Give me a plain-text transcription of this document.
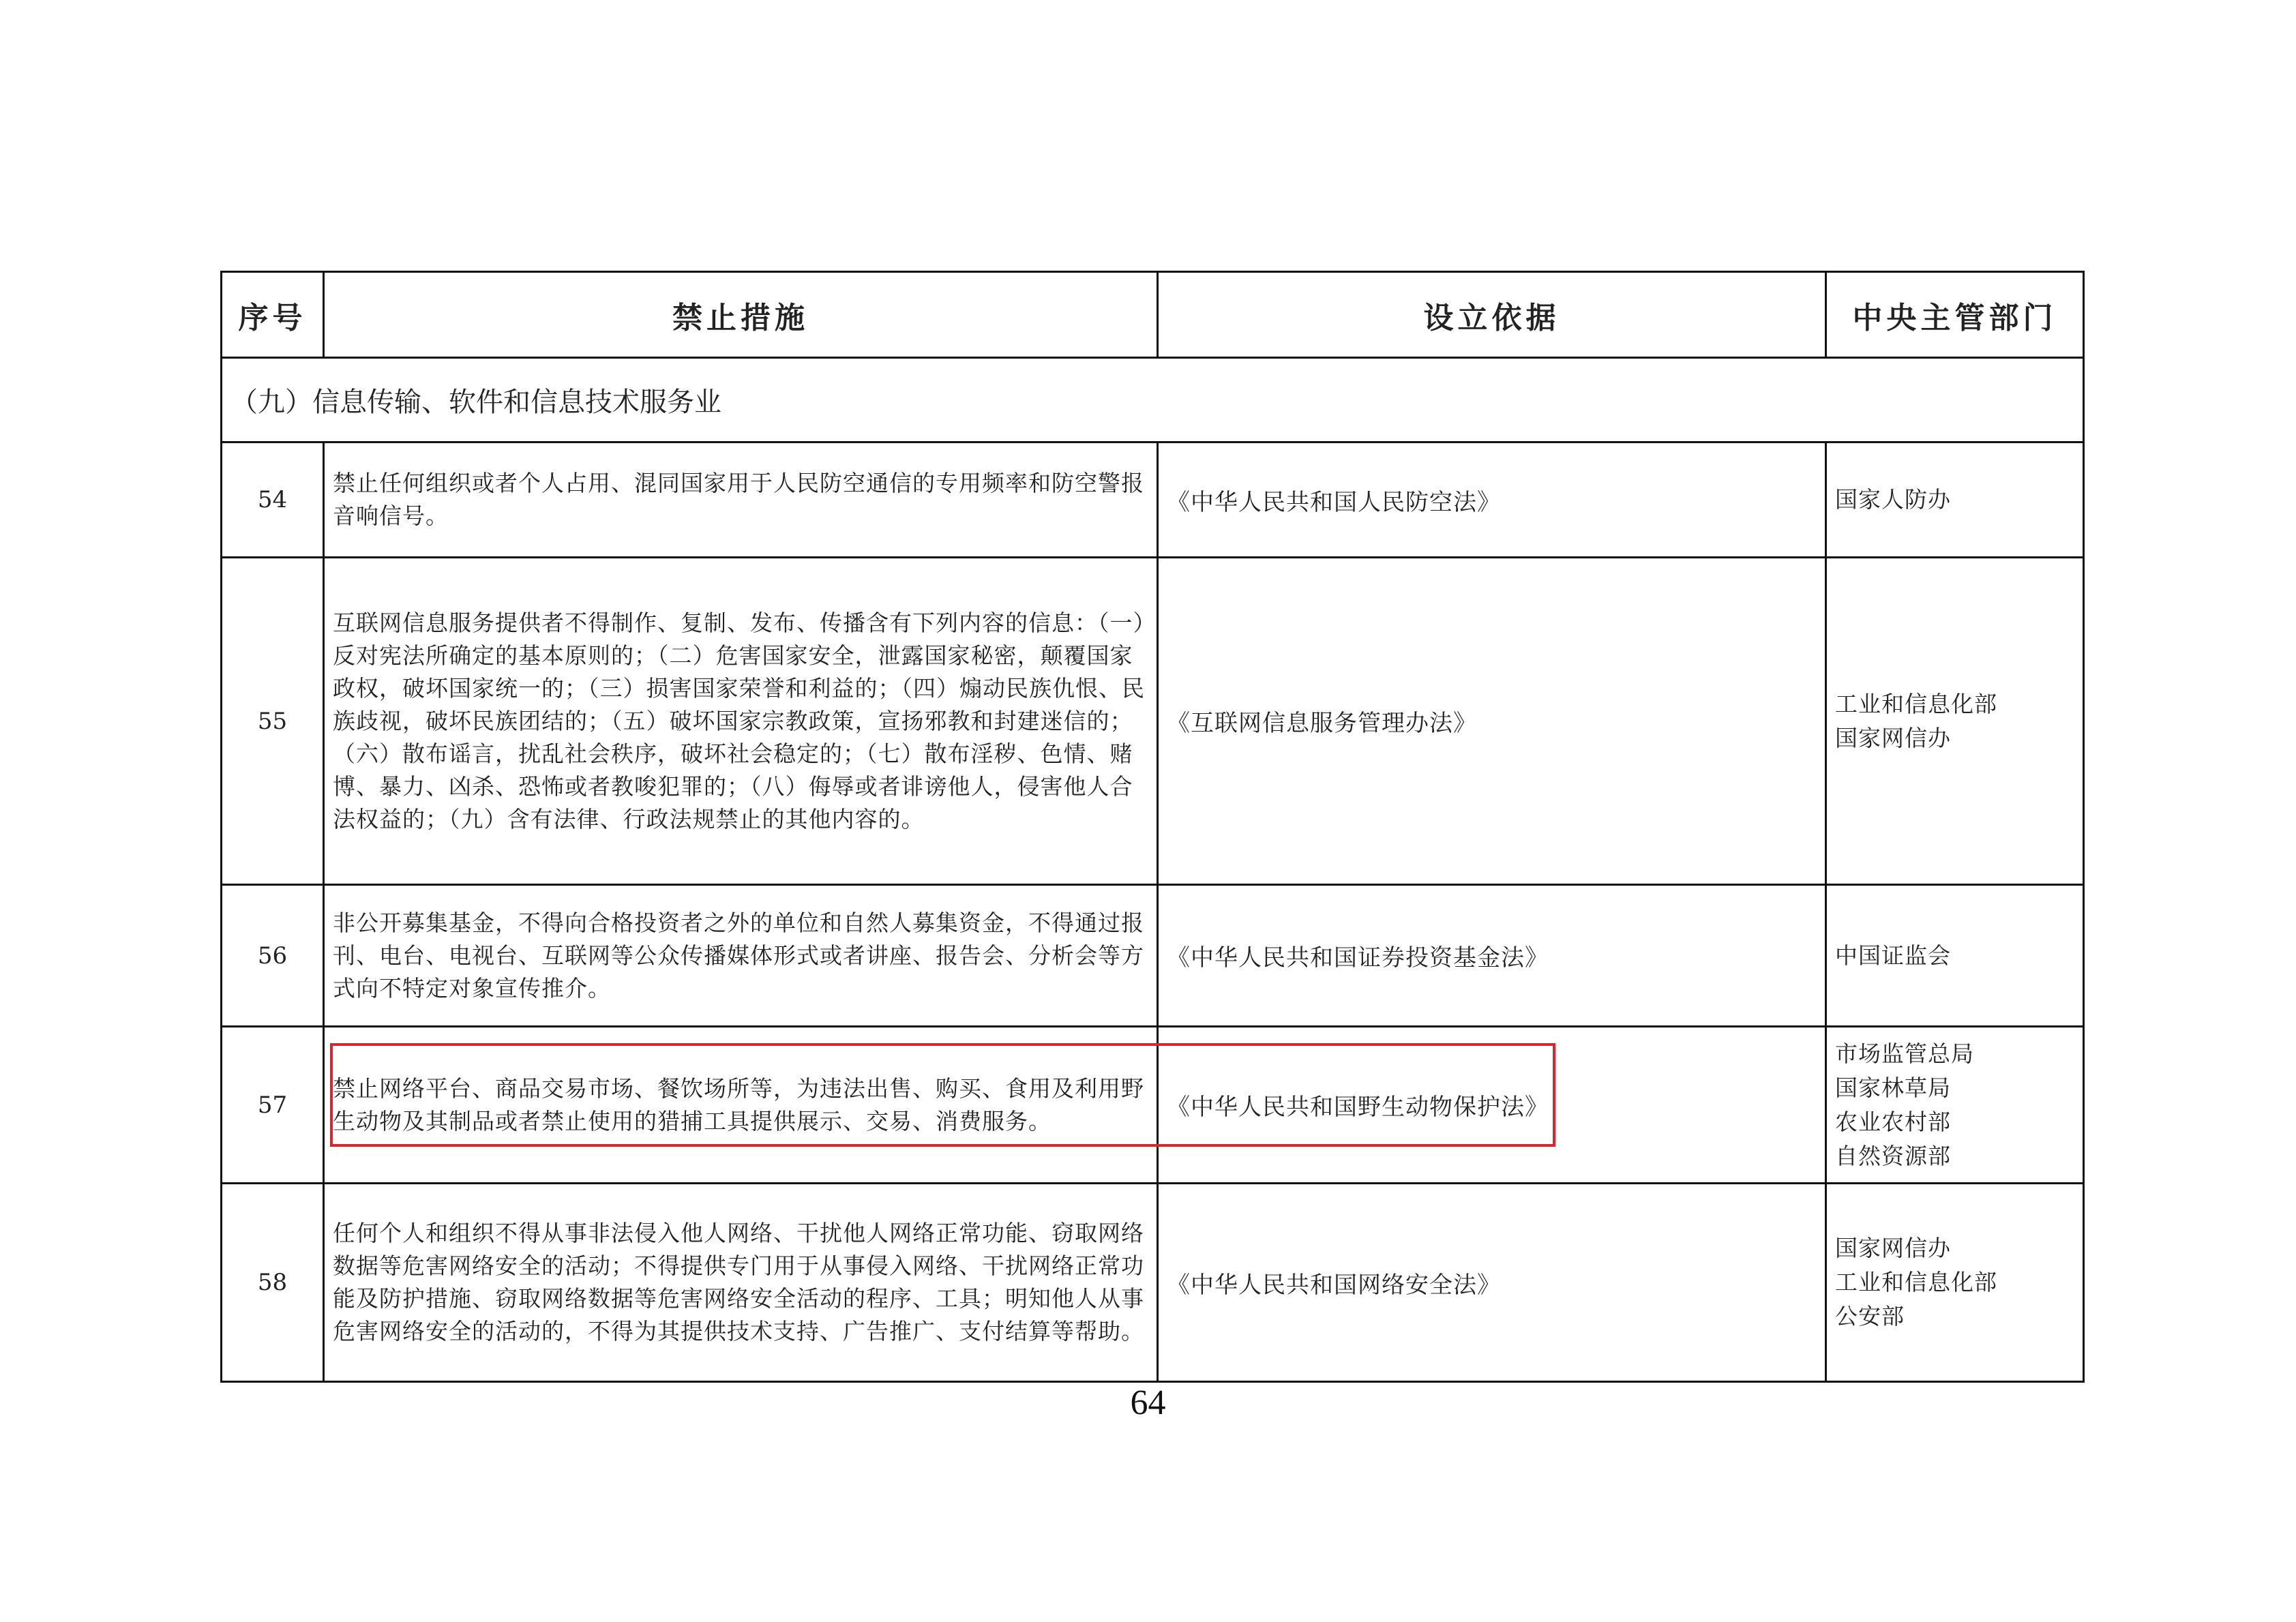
序号	禁止措施	设立依据	中央主管部门
（九）信息传输、软件和信息技术服务业			
54	禁止任何组织或者个人占用、混同国家用于人民防空通信的专用频率和防空警报音响信号。	《中华人民共和国人民防空法》	国家人防办

55	互联网信息服务提供者不得制作、复制、发布、传播含有下列内容的信息：（一）反对宪法所确定的基本原则的；（二）危害国家安全，泄露国家秘密，颠覆国家政权，破坏国家统一的；（三）损害国家荣誉和利益的；（四）煽动民族仇恨、民族歧视，破坏民族团结的；（五）破坏国家宗教政策，宣扬邪教和封建迷信的；（六）散布谣言，扰乱社会秩序，破坏社会稳定的；（七）散布淫秽、色情、赌博、暴力、凶杀、恐怖或者教唆犯罪的；（八）侮辱或者诽谤他人，侵害他人合法权益的；（九）含有法律、行政法规禁止的其他内容的。	《互联网信息服务管理办法》	工业和信息化部
国家网信办

56	非公开募集基金，不得向合格投资者之外的单位和自然人募集资金，不得通过报刊、电台、电视台、互联网等公众传播媒体形式或者讲座、报告会、分析会等方式向不特定对象宣传推介。	《中华人民共和国证券投资基金法》	中国证监会

57	禁止网络平台、商品交易市场、餐饮场所等，为违法出售、购买、食用及利用野生动物及其制品或者禁止使用的猎捕工具提供展示、交易、消费服务。	《中华人民共和国野生动物保护法》	市场监管总局
国家林草局
农业农村部
自然资源部

58	任何个人和组织不得从事非法侵入他人网络、干扰他人网络正常功能、窃取网络数据等危害网络安全的活动；不得提供专门用于从事侵入网络、干扰网络正常功能及防护措施、窃取网络数据等危害网络安全活动的程序、工具；明知他人从事危害网络安全的活动的，不得为其提供技术支持、广告推广、支付结算等帮助。	《中华人民共和国网络安全法》	国家网信办
工业和信息化部
公安部
64
